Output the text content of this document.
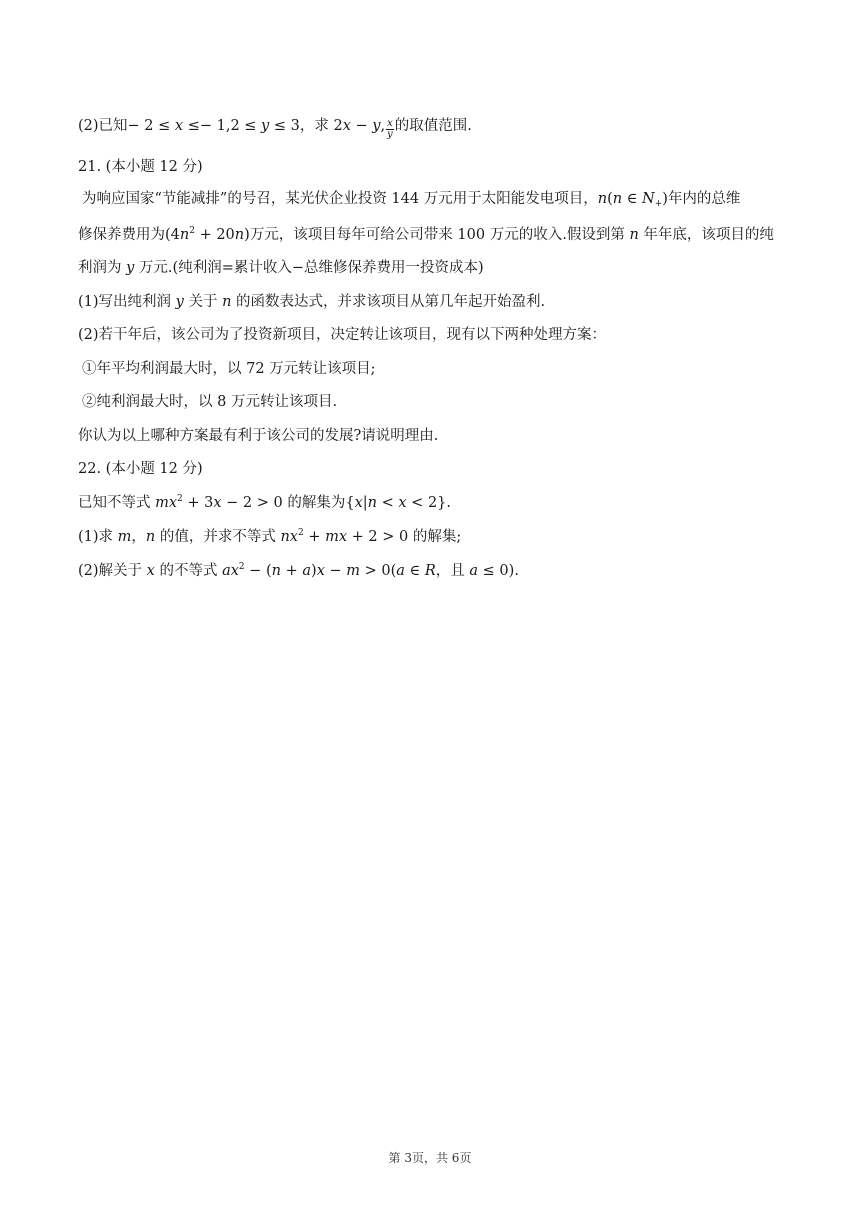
(2)已知− 2 ≤ x ≤− 1,2 ≤ y ≤ 3，求 2x − y, $\frac{x}{y}$ 的取值范围.
21. (本小题 12 分)
为响应国家“节能减排”的号召，某光伏企业投资 144 万元用于太阳能发电项目，n(n ∈ $N_+$)年内的总维
修保养费用为$(4n^2 + 20n)$万元，该项目每年可给公司带来 100 万元的收入.假设到第 n 年年底，该项目的纯
利润为 y 万元.(纯利润=累计收入−总维修保养费用一投资成本)
(1)写出纯利润 y 关于 n 的函数表达式，并求该项目从第几年起开始盈利.
(2)若干年后，该公司为了投资新项目，决定转让该项目，现有以下两种处理方案：
①年平均利润最大时，以 72 万元转让该项目;
②纯利润最大时，以 8 万元转让该项目.
你认为以上哪种方案最有利于该公司的发展?请说明理由.
22. (本小题 12 分)
已知不等式 $mx^2 + 3x - 2 > 0$ 的解集为{x|n < x < 2}.
(1)求 m，n 的值，并求不等式 $nx^2$ + mx + 2 > 0 的解集;
(2)解关于 x 的不等式 $ax^2 - (n + a)x - m > 0(a$ ∈ R，且 a ≤ 0).
第 3页，共 6页
